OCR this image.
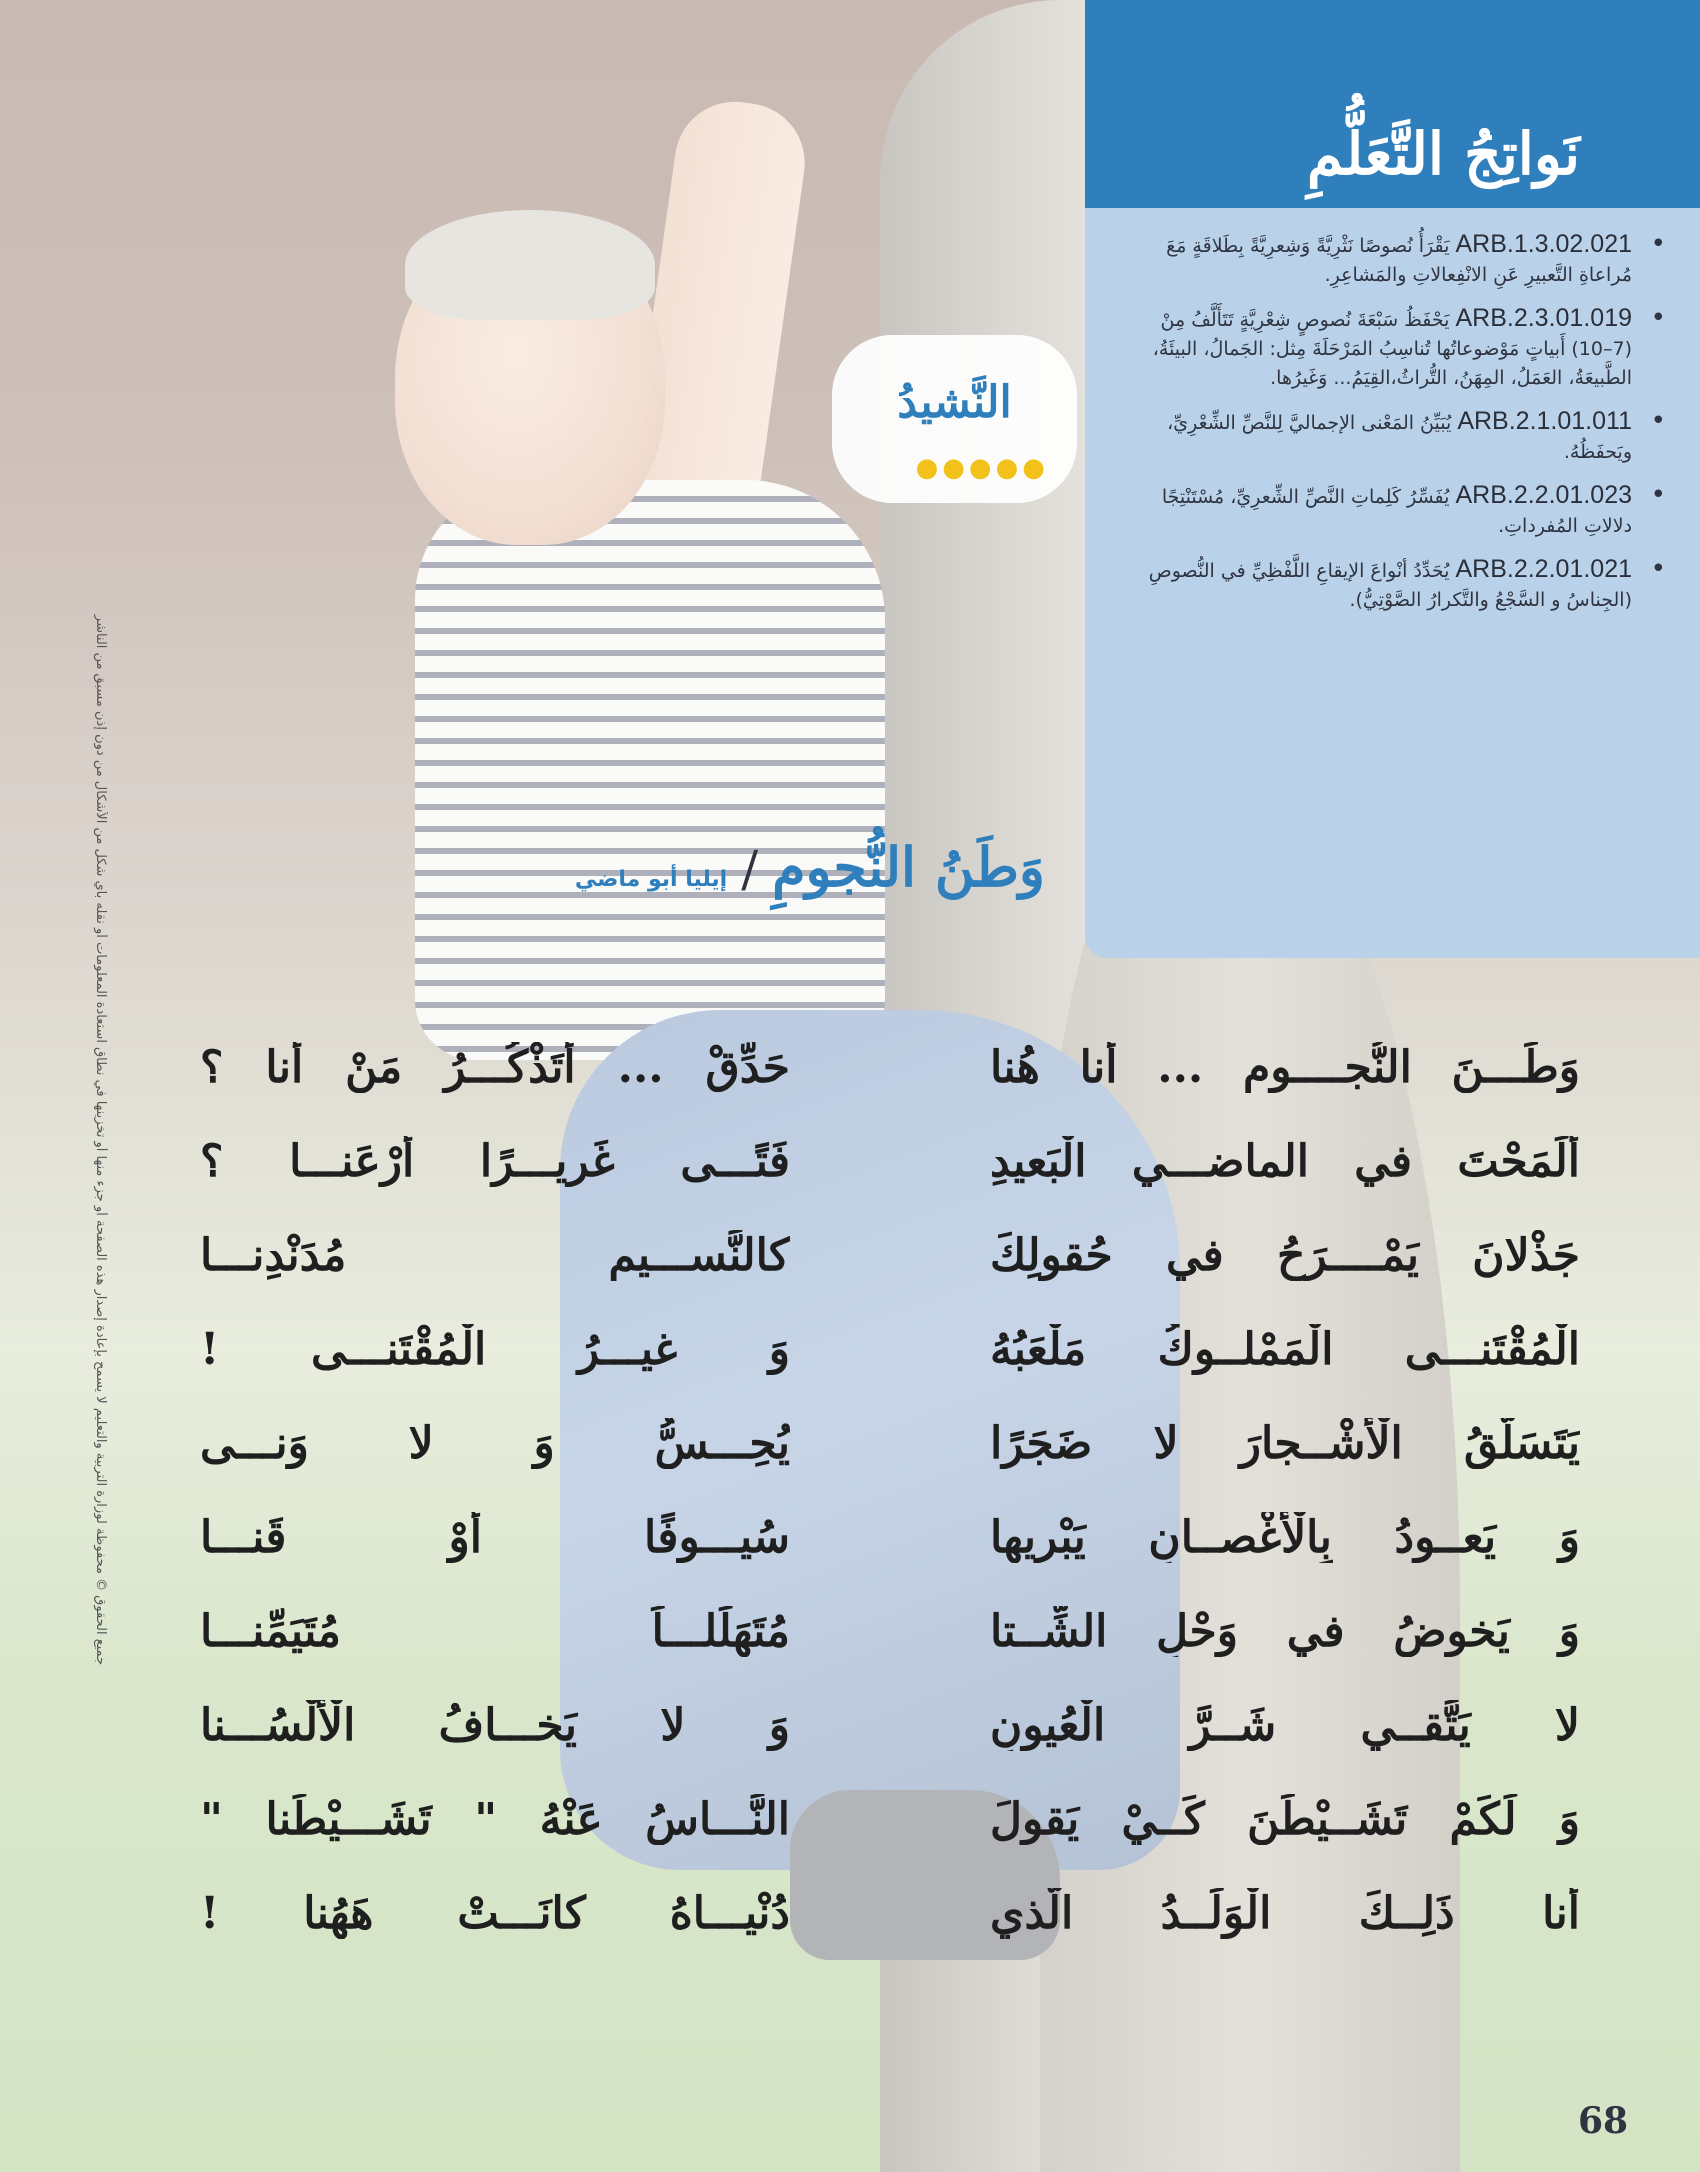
نَواتِجُ التَّعَلُّمِ
• ARB.1.3.02.021 يَقْرَأُ نُصوصًا نَثْرِيَّةً وَشِعرِيَّةً بِطَلاقَةٍ مَعَ مُراعاةِ التَّعبيرِ عَنِ الانْفِعالاتِ والمَشاعِرِ.
• ARB.2.3.01.019 يَحْفَظُ سَبْعَةَ نُصوصٍ شِعْرِيَّةٍ تَتَأَلَّفُ مِنْ (7–10) أَبياتٍ مَوْضوعاتُها تُناسِبُ المَرْحَلَةَ مِثل: الجَمالُ، البيئَةُ، الطَّبيعَةُ، العَمَلُ، المِهَنُ، التُّراثُ،القِيَمُ... وَغَيرُها.
• ARB.2.1.01.011 يُبَيِّنُ المَعْنى الإجماليَّ لِلنَّصِّ الشِّعْرِيِّ، ويَحفَظُهُ.
• ARB.2.2.01.023 يُفَسِّرُ كَلِماتِ النَّصِّ الشِّعرِيِّ، مُسْتَنْتِجًا دلالاتِ المُفرداتِ.
• ARB.2.2.01.021 يُحَدِّدُ أنْواعَ الإيقاعِ اللَّفْظِيِّ في النُّصوصِ (الجِناسُ و السَّجْعُ والتَّكرارُ الصَّوْتِيُّ).
النَّشيدُ
●●●●●
وَطَنُ النُّجومِ/إيليا أبو ماضي
وَطَـــنَ النُّجــــومِ ... أَنا هُنا
حَدِّقْ ... أَتَذْكُـــرُ مَنْ أَنا ؟
أَلَمَحْتَ في الماضـــي الْبَعيدِ
فَتًـــى غَريـــرًا أَرْعَنـــا ؟
جَذْلانَ يَمْــــرَحُ في حُقولِكَ
كالنَّســـيمِ مُدَنْدِنـــا
الْمُقْتَنـــى الْمَمْلــوكُ مَلْعَبُهُ
وَ غيـــرُ الْمُقْتَنـــى !
يَتَسَلَّقُ الْأَشْــجارَ لا ضَجَرًا
يُحِـــسُّ وَ لا وَنـــى
وَ يَعــودُ بِالْأَغْصــانِ يَبْريها
سُيـــوفًا أَوْ قَنـــا
وَ يَخوضُ في وَحْلِ الشِّــتا
مُتَهَلِّلـــاً مُتَيَمِّنـــا
لا يَتَّقــي شَــرَّ الْعُيونِ
وَ لا يَخـــافُ الْأَلْسُـــنا
وَ لَكَمْ تَشَــيْطَنَ كَــيْ يَقولَ
النَّـــاسُ عَنْهُ " تَشَـــيْطَنا "
أَنا ذَلِــكَ الْوَلَــدُ الَّذي
دُنْيـــاهُ كانَـــتْ هَهُنا !
جميع الحقوق © محفوظة لوزارة التربية والتعليم لا يسمح بإعادة إصدار هذه الصفحة أو جزء منها أو تخزينها في نطاق استعادة المعلومات أو نقله بأي شكل من الأشكال من دون إذن مسبق من الناشر
68
